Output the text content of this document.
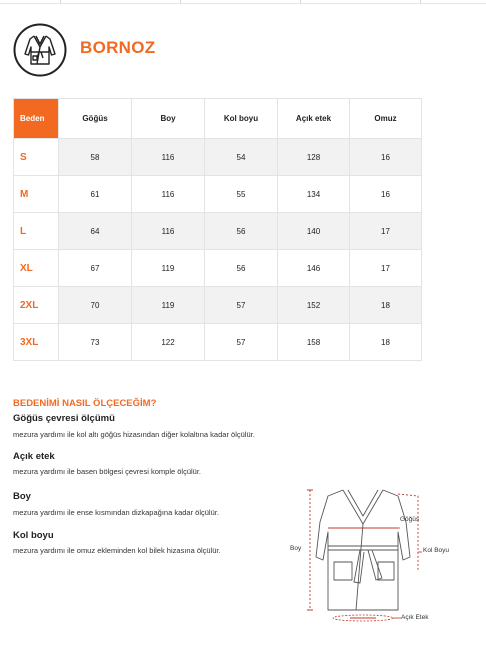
BORNOZ
Beden	Göğüs	Boy	Kol boyu	Açık etek	Omuz
S	58	116	54	128	16
M	61	116	55	134	16
L	64	116	56	140	17
XL	67	119	56	146	17
2XL	70	119	57	152	18
3XL	73	122	57	158	18
BEDENİMİ NASIL ÖLÇECEĞİM?
Göğüs çevresi ölçümü
mezura yardımı ile kol altı göğüs hizasından diğer kolaltına kadar ölçülür.
Açık etek
mezura yardımı ile basen bölgesi çevresi komple ölçülür.
Boy
mezura yardımı ile ense kısmından dizkapağına kadar ölçülür.
Kol boyu
mezura yardımı ile omuz ekleminden kol bilek hizasına ölçülür.
Göğüs
Boy	Kol Boyu
Açık Etek
